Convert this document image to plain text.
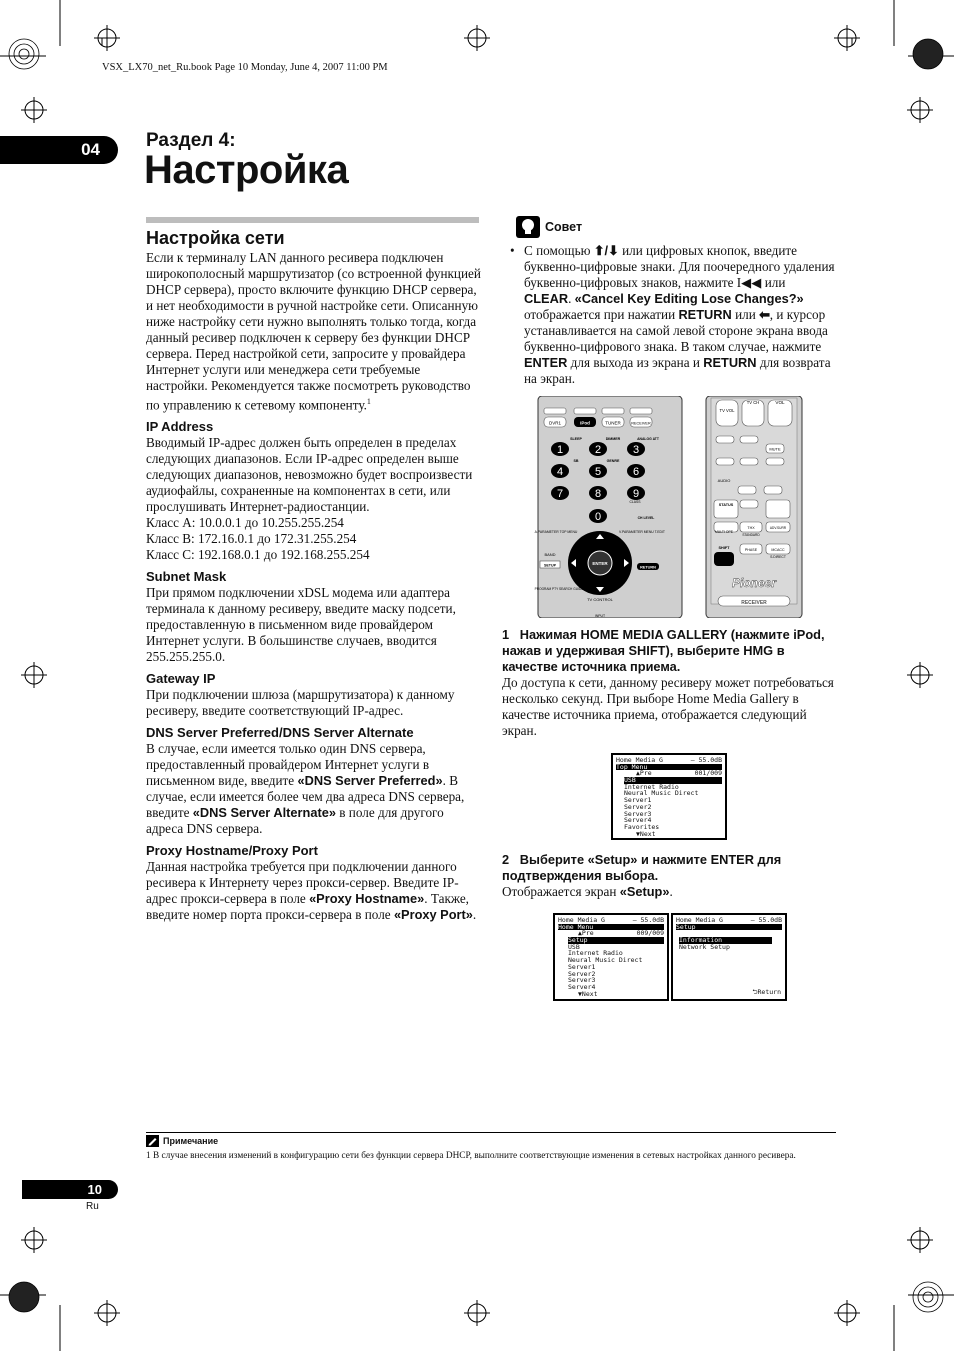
VSX_LX70_net_Ru.book Page 10 Monday, June 4, 2007 11:00 PM
04	Раздел 4:
Настройка
Настройка сети

Если к терминалу LAN данного ресивера подключен широкополосный маршрутизатор (со встроенной функцией DHCP сервера), просто включите функцию DHCP сервера, и нет необходимости в ручной настройке сети. Описанную ниже настройку сети нужно выполнять только тогда, когда данный ресивер подключен к серверу без функции DHCP сервера. Перед настройкой сети, запросите у провайдера Интернет услуги или менеджера сети требуемые настройки. Рекомендуется также посмотреть руководство по управлению к сетевому компоненту.$^1$

IP Address

Вводимый IP-адрес должен быть определен в пределах следующих диапазонов. Если IP-адрес определен выше следующих диапазонов, невозможно будет воспроизвести аудиофайлы, сохраненные на компонентах в сети, или прослушивать Интернет-радиостанции.

Класс A: 10.0.0.1 до 10.255.255.254

Класс B: 172.16.0.1 до 172.31.255.254

Класс C: 192.168.0.1 до 192.168.255.254

Subnet Mask

При прямом подключении xDSL модема или адаптера терминала к данному ресиверу, введите маску подсети, предоставленную в письменном виде провайдером Интернет услуги. В большинстве случаев, вводится 255.255.255.0.

Gateway IP

При подключении шлюза (маршрутизатора) к данному ресиверу, введите соответствующий IP-адрес.

DNS Server Preferred/DNS Server Alternate

В случае, если имеется только один DNS сервера, предоставленный провайдером Интернет услуги в письменном виде, введите «DNS Server Preferred». В случае, если имеется более чем два адреса DNS сервера, введите «DNS Server Alternate» в поле для другого адреса DNS сервера.

Proxy Hostname/Proxy Port

Данная настройка требуется при подключении данного ресивера к Интернету через прокси-сервер. Введите IP-адрес прокси-сервера в поле «Proxy Hostname». Также, введите номер порта прокси-сервера в поле «Proxy Port».

Совет
• С помощью ⬆/⬇ или цифровых кнопок, введите буквенно-цифровые знаки. Для поочередного удаления буквенно-цифровых знаков, нажмите I◀◀ или CLEAR. «Cancel Key Editing Lose Changes?» отображается при нажатии RETURN или ⬅, и курсор устанавливается на самой левой стороне экрана ввода буквенно-цифрового знака. В таком случае, нажмите ENTER для выхода из экрана и RETURN для возврата на экран.

DVR1	iPod	TUNER	RECEIVER
SLEEP	DIMMER	ANALOG ATT
1	2	3
4	5	6
7	8	9
0
SB	GENRE
CLASS
CH LEVEL
A.PARAMETER TOP MENU	V.PARAMETER MENU T.EDIT
BAND
SETUP	ENTER
RETURN
PROGRAM PTY SEARCH GUIDE
TV CONTROL
INPUT
TV VOL
TV CH	VOL
MUTE
AUDIO
STATUS
SHIFT
MULTI OPE
PHASE	MCACC
S.DIRECT
THX
STANDARD
ADV.SURR
Pioneer
RECEIVER
1 Нажимая HOME MEDIA GALLERY (нажмите iPod, нажав и удерживая SHIFT), выберите HMG в качестве источника приема.

До доступа к сети, данному ресиверу может потребоваться несколько секунд. При выборе Home Media Gallery в качестве источника приема, отображается следующий экран.

Home Media G	– 55.0dB
Top Menu
▲Pre	001/009
USB
Internet Radio
Neural Music Direct
Server1
Server2
Server3
Server4
Favorites
▼Next
2 Выберите «Setup» и нажмите ENTER для подтверждения выбора.

Отображается экран «Setup».

Home Media G	– 55.0dB
Home Menu
▲Pre	009/009
Setup
USB
Internet Radio
Neural Music Direct
Server1
Server2
Server3
Server4
▼Next
Home Media G	– 55.0dB
Setup
Information
Network Setup
⮌Return
Примечание
1 В случае внесения изменений в конфигурацию сети без функции сервера DHCP, выполните соответствующие изменения в сетевых настройках данного ресивера.
10
Ru
